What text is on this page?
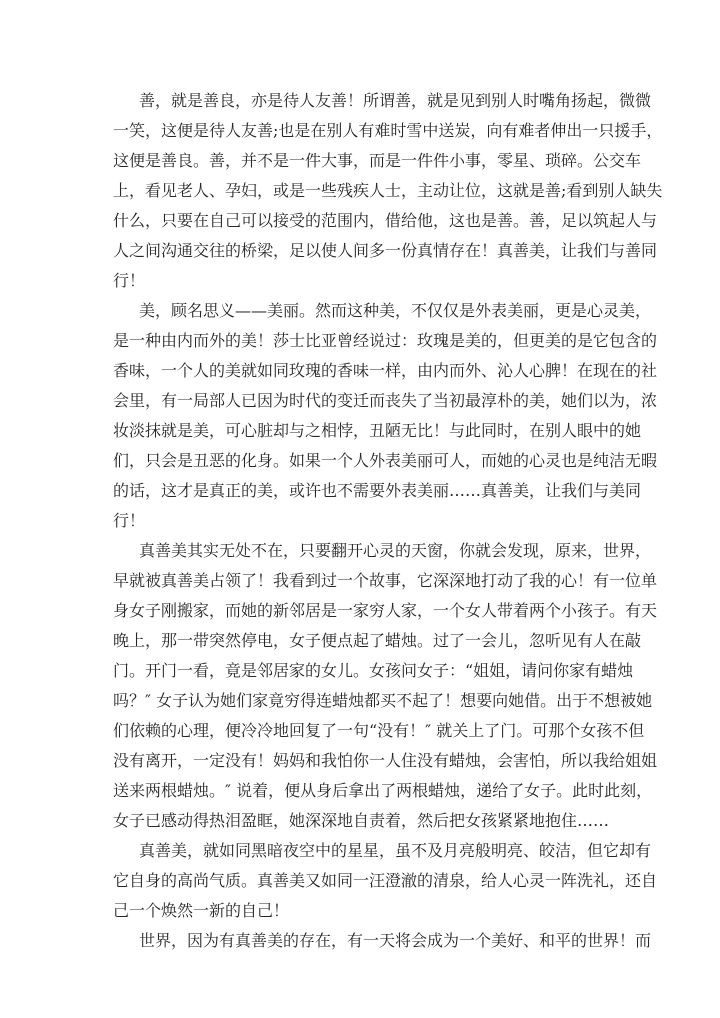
善，就是善良，亦是待人友善！所谓善，就是见到别人时嘴角扬起，微微
一笑，这便是待人友善;也是在别人有难时雪中送炭，向有难者伸出一只援手，
这便是善良。善，并不是一件大事，而是一件件小事，零星、琐碎。公交车
上，看见老人、孕妇，或是一些残疾人士，主动让位，这就是善;看到别人缺失
什么，只要在自己可以接受的范围内，借给他，这也是善。善，足以筑起人与
人之间沟通交往的桥梁，足以使人间多一份真情存在！真善美，让我们与善同
行！
美，顾名思义——美丽。然而这种美，不仅仅是外表美丽，更是心灵美，
是一种由内而外的美！莎士比亚曾经说过：玫瑰是美的，但更美的是它包含的
香味，一个人的美就如同玫瑰的香味一样，由内而外、沁人心脾！在现在的社
会里，有一局部人已因为时代的变迁而丧失了当初最淳朴的美，她们以为，浓
妆淡抹就是美，可心脏却与之相悖，丑陋无比！与此同时，在别人眼中的她
们，只会是丑恶的化身。如果一个人外表美丽可人，而她的心灵也是纯洁无暇
的话，这才是真正的美，或许也不需要外表美丽……真善美，让我们与美同
行！
真善美其实无处不在，只要翻开心灵的天窗，你就会发现，原来，世界，
早就被真善美占领了！我看到过一个故事，它深深地打动了我的心！有一位单
身女子刚搬家，而她的新邻居是一家穷人家，一个女人带着两个小孩子。有天
晚上，那一带突然停电，女子便点起了蜡烛。过了一会儿，忽听见有人在敲
门。开门一看，竟是邻居家的女儿。女孩问女子：“姐姐，请问你家有蜡烛
吗？″ 女子认为她们家竟穷得连蜡烛都买不起了！想要向她借。出于不想被她
们依赖的心理，便冷冷地回复了一句“没有！″ 就关上了门。可那个女孩不但
没有离开，一定没有！妈妈和我怕你一人住没有蜡烛，会害怕，所以我给姐姐
送来两根蜡烛。″ 说着，便从身后拿出了两根蜡烛，递给了女子。此时此刻，
女子已感动得热泪盈眶，她深深地自责着，然后把女孩紧紧地抱住……
真善美，就如同黑暗夜空中的星星，虽不及月亮般明亮、皎洁，但它却有
它自身的高尚气质。真善美又如同一汪澄澈的清泉，给人心灵一阵洗礼，还自
己一个焕然一新的自己！
世界，因为有真善美的存在，有一天将会成为一个美好、和平的世界！而
